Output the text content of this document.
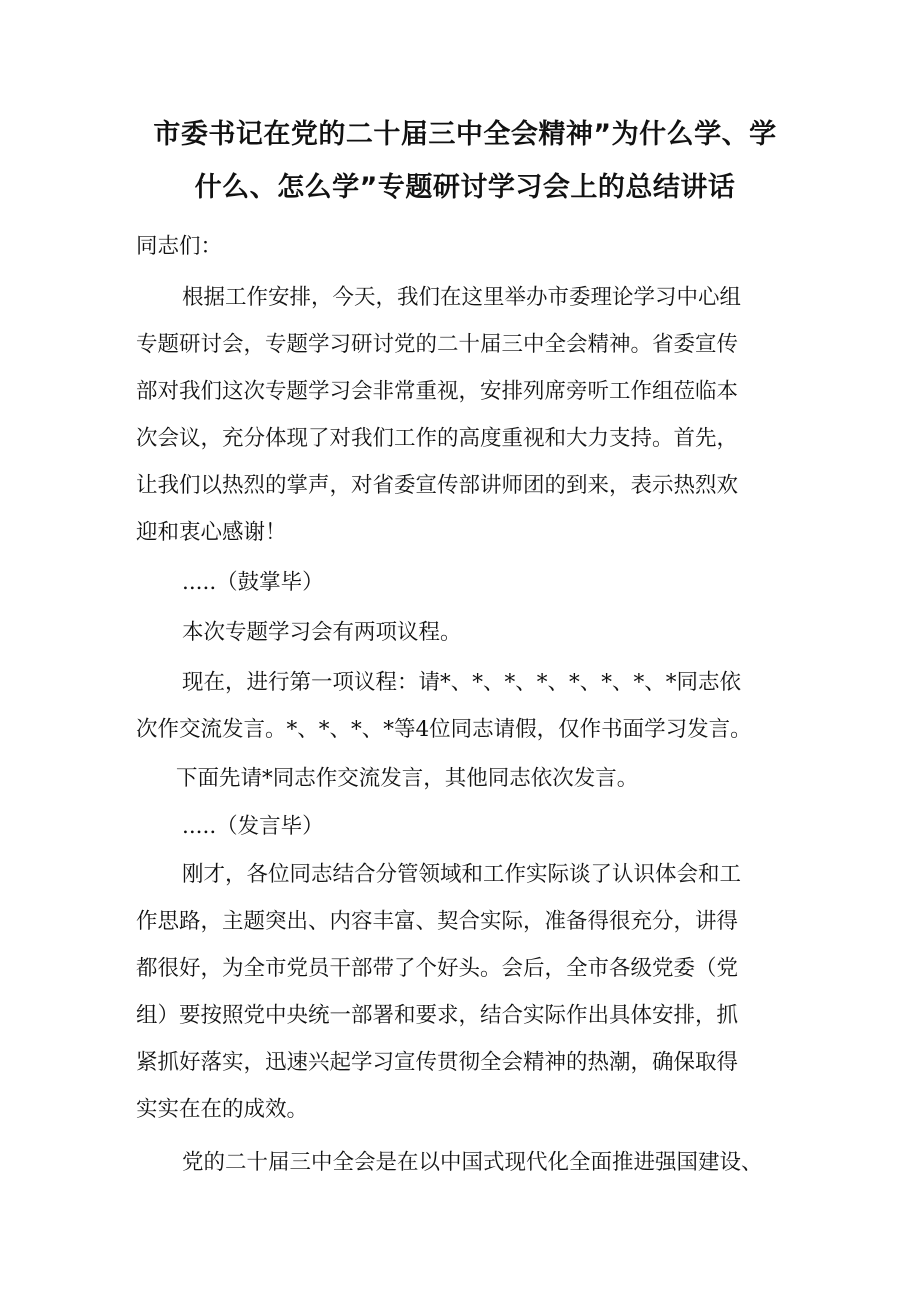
市委书记在党的二十届三中全会精神”为什么学、学
什么、怎么学”专题研讨学习会上的总结讲话
同志们：
根据工作安排，今天，我们在这里举办市委理论学习中心组
专题研讨会，专题学习研讨党的二十届三中全会精神。省委宣传
部对我们这次专题学习会非常重视，安排列席旁听工作组莅临本
次会议，充分体现了对我们工作的高度重视和大力支持。首先，
让我们以热烈的掌声，对省委宣传部讲师团的到来，表示热烈欢
迎和衷心感谢！
.....（鼓掌毕）
本次专题学习会有两项议程。
现在，进行第一项议程：请*、*、*、*、*、*、*、*同志依
次作交流发言。*、*、*、*等4位同志请假，仅作书面学习发言。
下面先请*同志作交流发言，其他同志依次发言。
.....（发言毕）
刚才，各位同志结合分管领域和工作实际谈了认识体会和工
作思路，主题突出、内容丰富、契合实际，准备得很充分，讲得
都很好，为全市党员干部带了个好头。会后，全市各级党委（党
组）要按照党中央统一部署和要求，结合实际作出具体安排，抓
紧抓好落实，迅速兴起学习宣传贯彻全会精神的热潮，确保取得
实实在在的成效。
党的二十届三中全会是在以中国式现代化全面推进强国建设、
